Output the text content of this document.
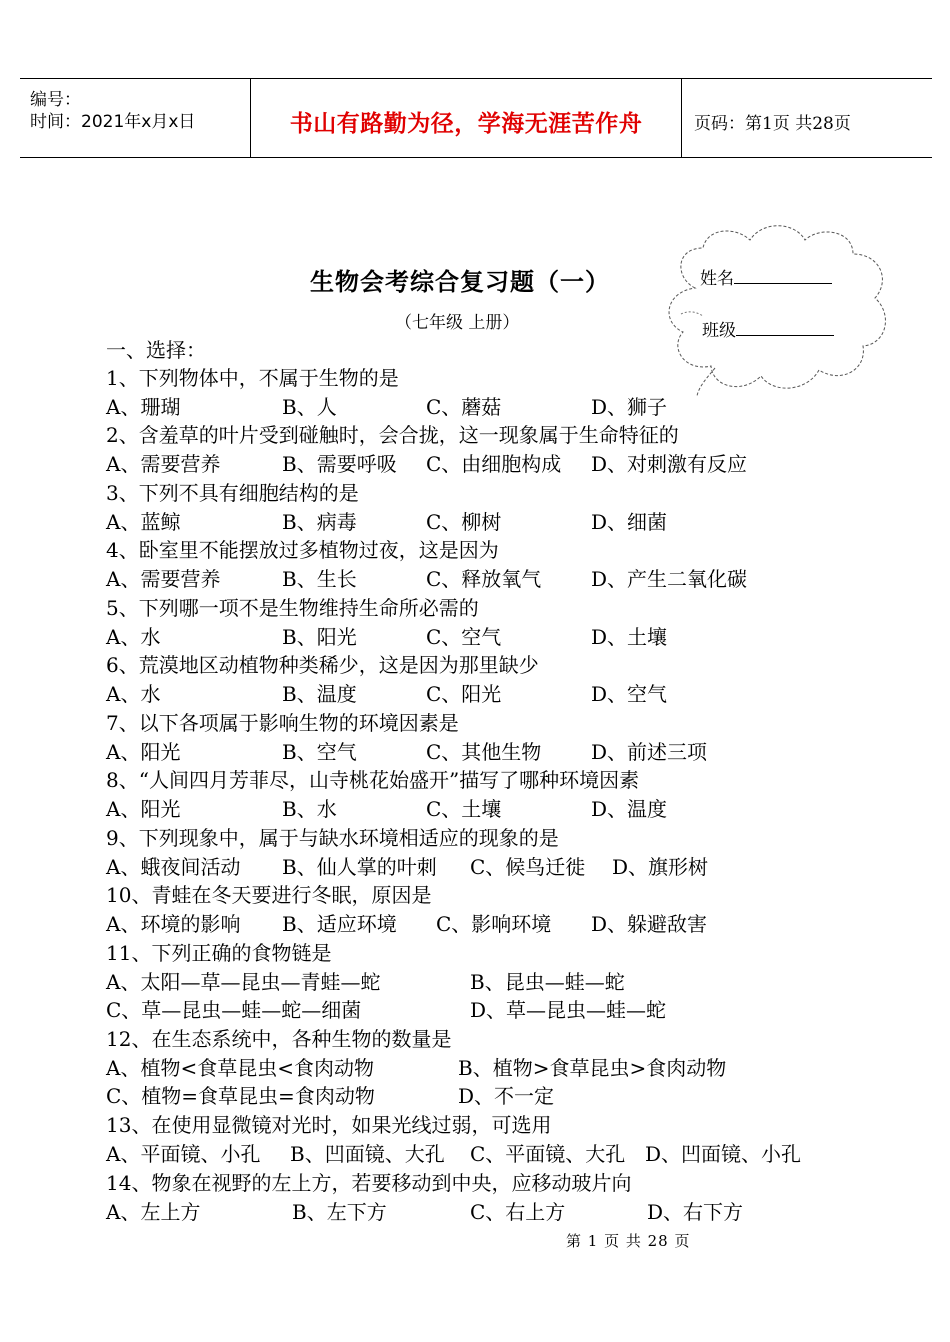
编号：
时间：2021年x月x日	书山有路勤为径，学海无涯苦作舟	页码：第1页 共28页
姓名
班级
生物会考综合复习题（一）
（七年级 上册）
一、选择：
1、下列物体中，不属于生物的是
A、珊瑚	B、人	C、蘑菇	D、狮子
2、含羞草的叶片受到碰触时，会合拢，这一现象属于生命特征的
A、需要营养	B、需要呼吸 C、由细胞构成 D、对刺激有反应
3、下列不具有细胞结构的是
A、蓝鲸	B、病毒	C、柳树	D、细菌
4、卧室里不能摆放过多植物过夜，这是因为
A、需要营养	B、生长	C、释放氧气 D、产生二氧化碳
5、下列哪一项不是生物维持生命所必需的
A、水	B、阳光	C、空气	D、土壤
6、荒漠地区动植物种类稀少，这是因为那里缺少
A、水	B、温度	C、阳光	D、空气
7、以下各项属于影响生物的环境因素是
A、阳光	B、空气	C、其他生物 D、前述三项
8、“人间四月芳菲尽，山寺桃花始盛开”描写了哪种环境因素
A、阳光	B、水	C、土壤	D、温度
9、下列现象中，属于与缺水环境相适应的现象的是
A、蛾夜间活动 B、仙人掌的叶刺 C、候鸟迁徙 D、旗形树
10、青蛙在冬天要进行冬眠，原因是
A、环境的影响 B、适应环境 C、影响环境 D、躲避敌害
11、下列正确的食物链是
A、太阳—草—昆虫—青蛙—蛇	B、昆虫—蛙—蛇
C、草—昆虫—蛙—蛇—细菌	D、草—昆虫—蛙—蛇
12、在生态系统中，各种生物的数量是
A、植物<食草昆虫<食肉动物	B、植物>食草昆虫>食肉动物
C、植物=食草昆虫=食肉动物	D、不一定
13、在使用显微镜对光时，如果光线过弱，可选用
A、平面镜、小孔 B、凹面镜、大孔 C、平面镜、大孔 D、凹面镜、小孔
14、物象在视野的左上方，若要移动到中央，应移动玻片向
A、左上方	B、左下方	C、右上方	D、右下方
第 1 页 共 28 页
